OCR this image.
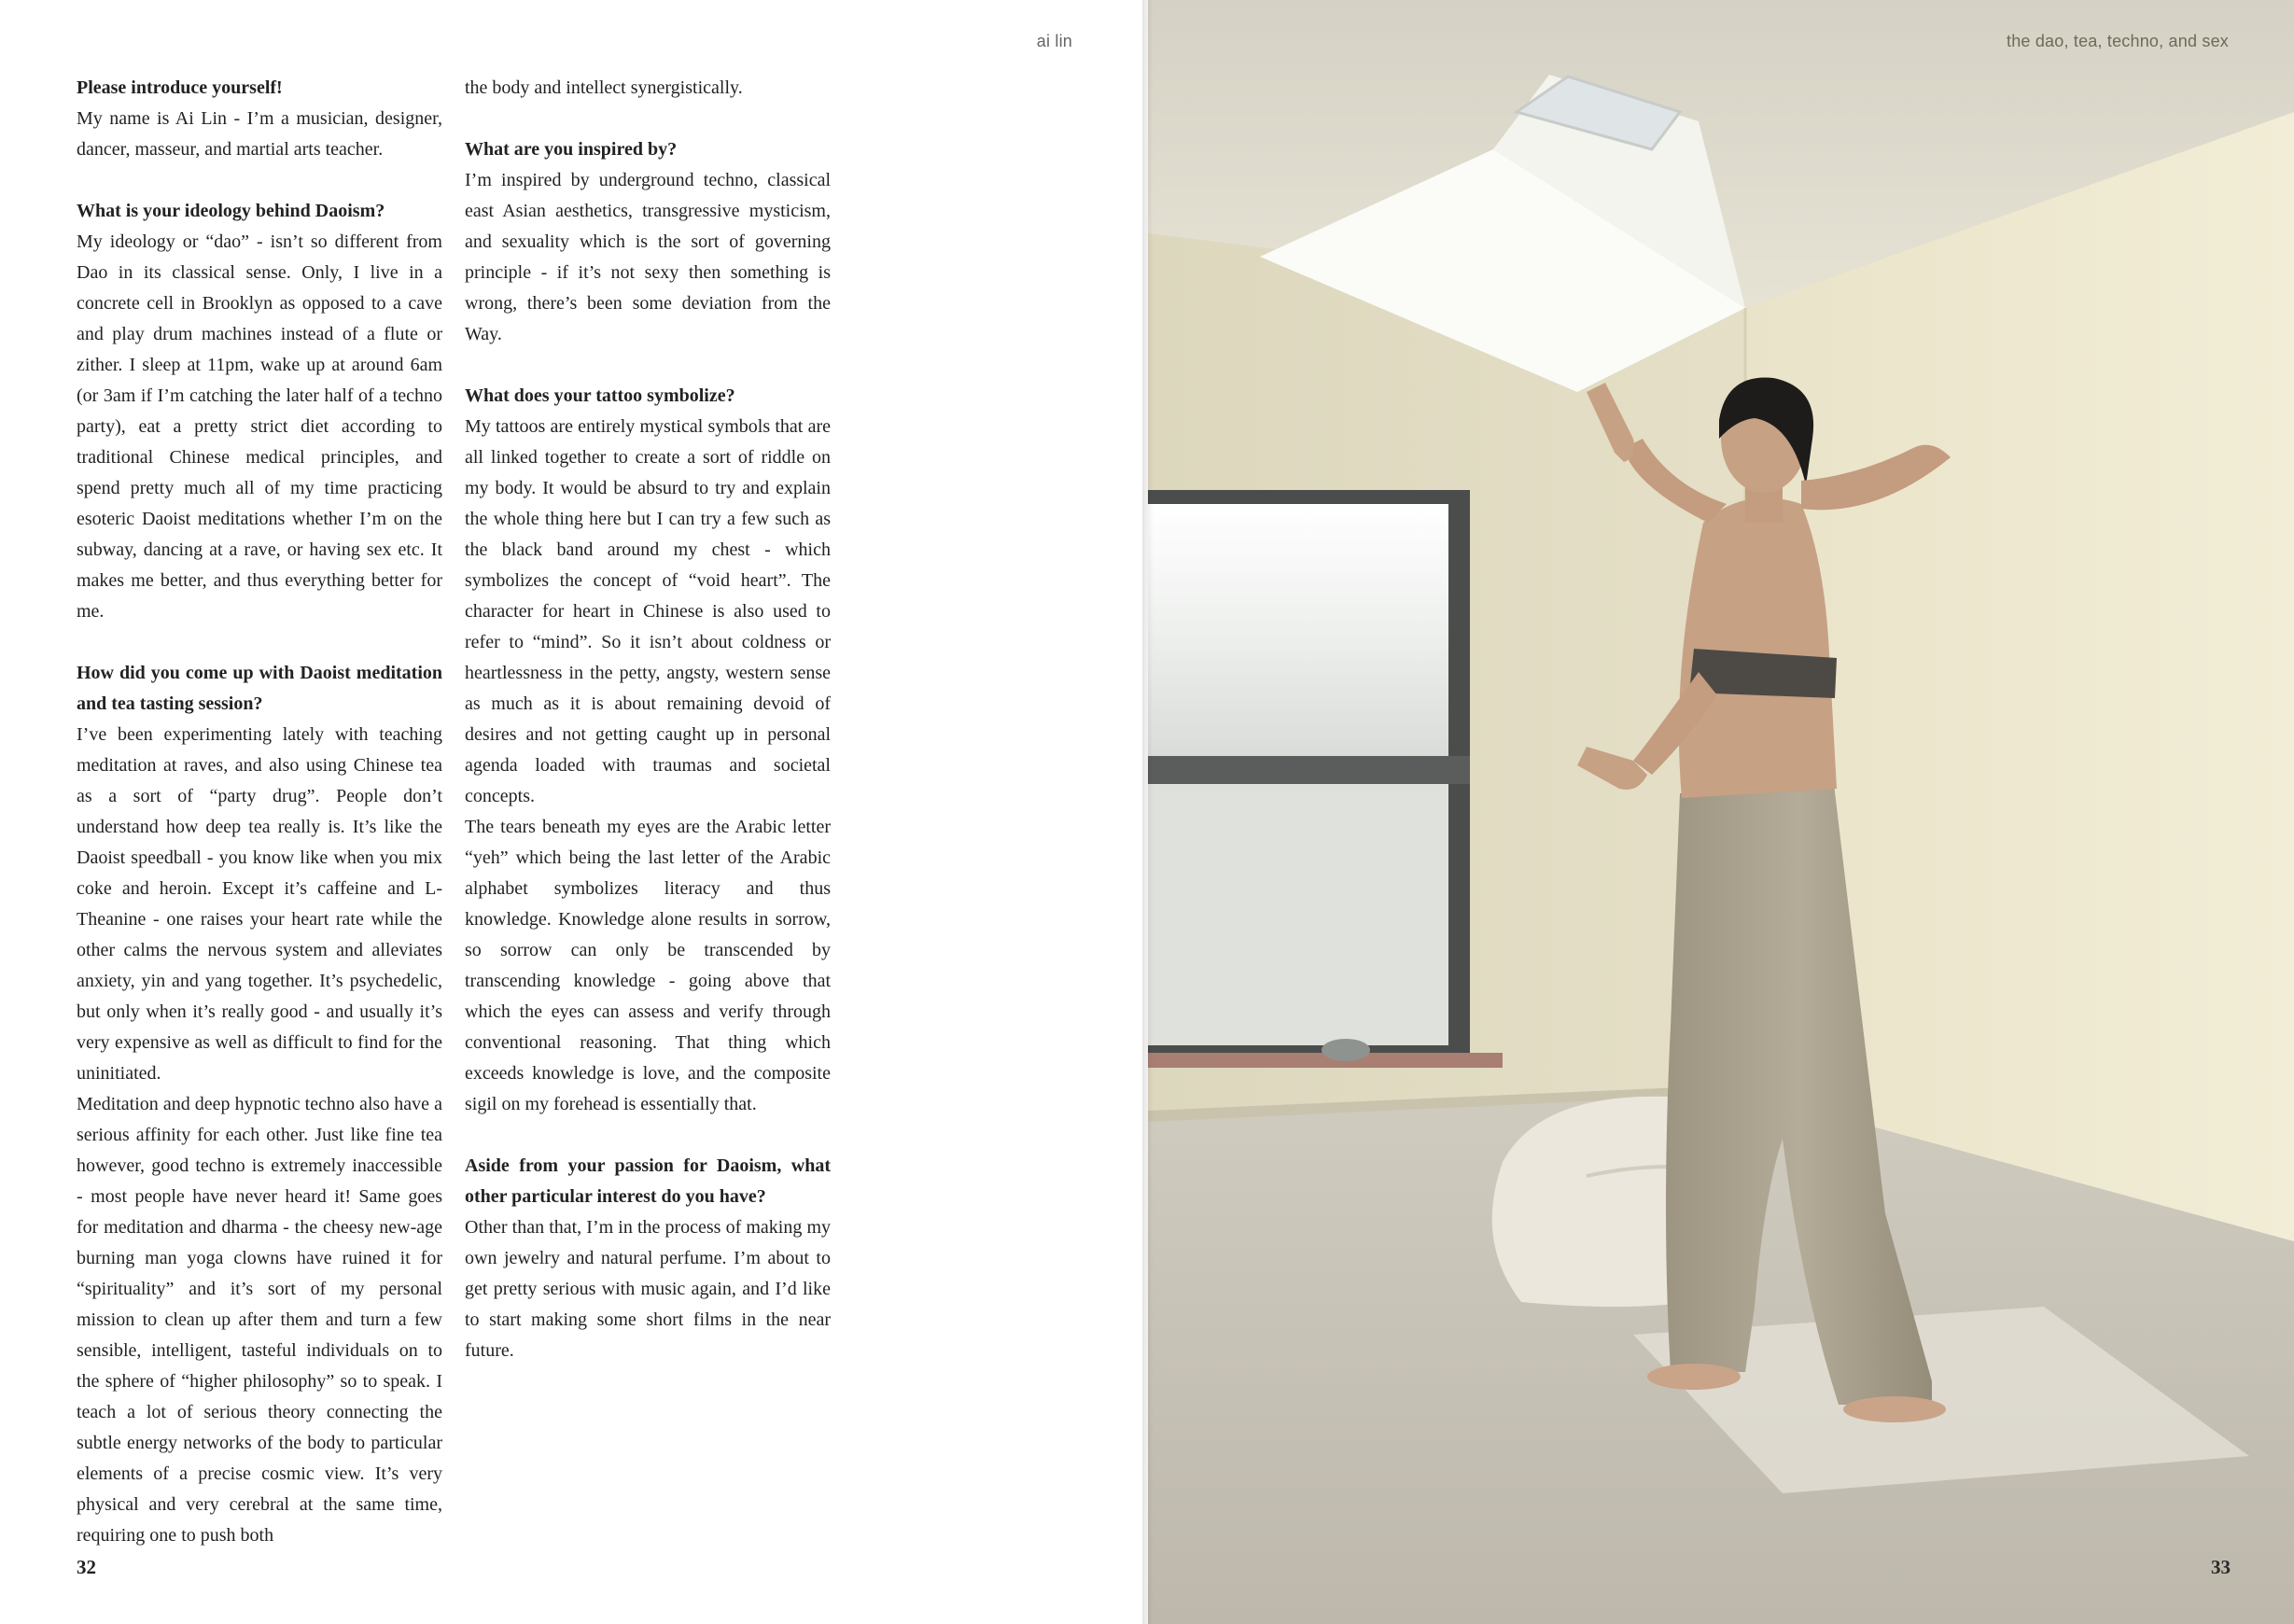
ai lin

Please introduce yourself!

My name is Ai Lin - I’m a musician, designer, dancer, masseur, and martial arts teacher.

What is your ideology behind Daoism?

My ideology or “dao” - isn’t so different from Dao in its classical sense. Only, I live in a concrete cell in Brooklyn as opposed to a cave and play drum machines instead of a flute or zither. I sleep at 11pm, wake up at around 6am (or 3am if I’m catching the later half of a techno party), eat a pretty strict diet according to traditional Chinese medical principles, and spend pretty much all of my time practicing esoteric Daoist meditations whether I’m on the subway, dancing at a rave, or having sex etc. It makes me better, and thus everything better for me.

How did you come up with Daoist meditation and tea tasting session?

I’ve been experimenting lately with teaching meditation at raves, and also using Chinese tea as a sort of “party drug”. People don’t understand how deep tea really is. It’s like the Daoist speedball - you know like when you mix coke and heroin. Except it’s caffeine and L-Theanine - one raises your heart rate while the other calms the nervous system and alleviates anxiety, yin and yang together. It’s psychedelic, but only when it’s really good - and usually it’s very expensive as well as difficult to find for the uninitiated.

Meditation and deep hypnotic techno also have a serious affinity for each other. Just like fine tea however, good techno is extremely inaccessible - most people have never heard it! Same goes for meditation and dharma - the cheesy new-age burning man yoga clowns have ruined it for “spirituality” and it’s sort of my personal mission to clean up after them and turn a few sensible, intelligent, tasteful individuals on to the sphere of “higher philosophy” so to speak. I teach a lot of serious theory connecting the subtle energy networks of the body to particular elements of a precise cosmic view. It’s very physical and very cerebral at the same time, requiring one to push both

the body and intellect synergistically.

What are you inspired by?

I’m inspired by underground techno, classical east Asian aesthetics, transgressive mysticism, and sexuality which is the sort of governing principle - if it’s not sexy then something is wrong, there’s been some deviation from the Way.

What does your tattoo symbolize?

My tattoos are entirely mystical symbols that are all linked together to create a sort of riddle on my body. It would be absurd to try and explain the whole thing here but I can try a few such as the black band around my chest - which symbolizes the concept of “void heart”. The character for heart in Chinese is also used to refer to “mind”. So it isn’t about coldness or heartlessness in the petty, angsty, western sense as much as it is about remaining devoid of desires and not getting caught up in personal agenda loaded with traumas and societal concepts.

The tears beneath my eyes are the Arabic letter “yeh” which being the last letter of the Arabic alphabet symbolizes literacy and thus knowledge. Knowledge alone results in sorrow, so sorrow can only be transcended by transcending knowledge - going above that which the eyes can assess and verify through conventional reasoning. That thing which exceeds knowledge is love, and the composite sigil on my forehead is essentially that.

Aside from your passion for Daoism, what other particular interest do you have?

Other than that, I’m in the process of making my own jewelry and natural perfume. I’m about to get pretty serious with music again, and I’d like to start making some short films in the near future.

32
the dao, tea, techno, and sex
33
